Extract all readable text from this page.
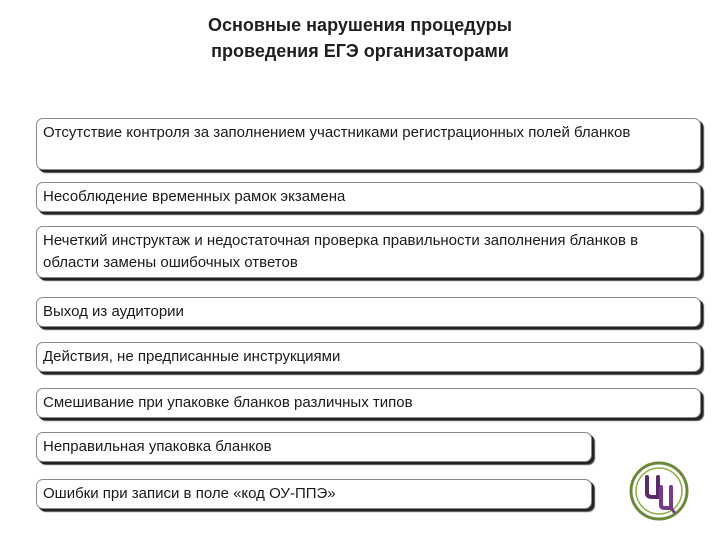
Основные нарушения процедуры
проведения ЕГЭ организаторами
Отсутствие контроля за заполнением участниками регистрационных полей бланков
Несоблюдение временных рамок экзамена
Нечеткий инструктаж и недостаточная проверка правильности заполнения бланков в области замены ошибочных ответов
Выход из аудитории
Действия, не предписанные инструкциями
Смешивание при упаковке бланков различных типов
Неправильная упаковка бланков
Ошибки при записи в поле «код ОУ-ППЭ»
